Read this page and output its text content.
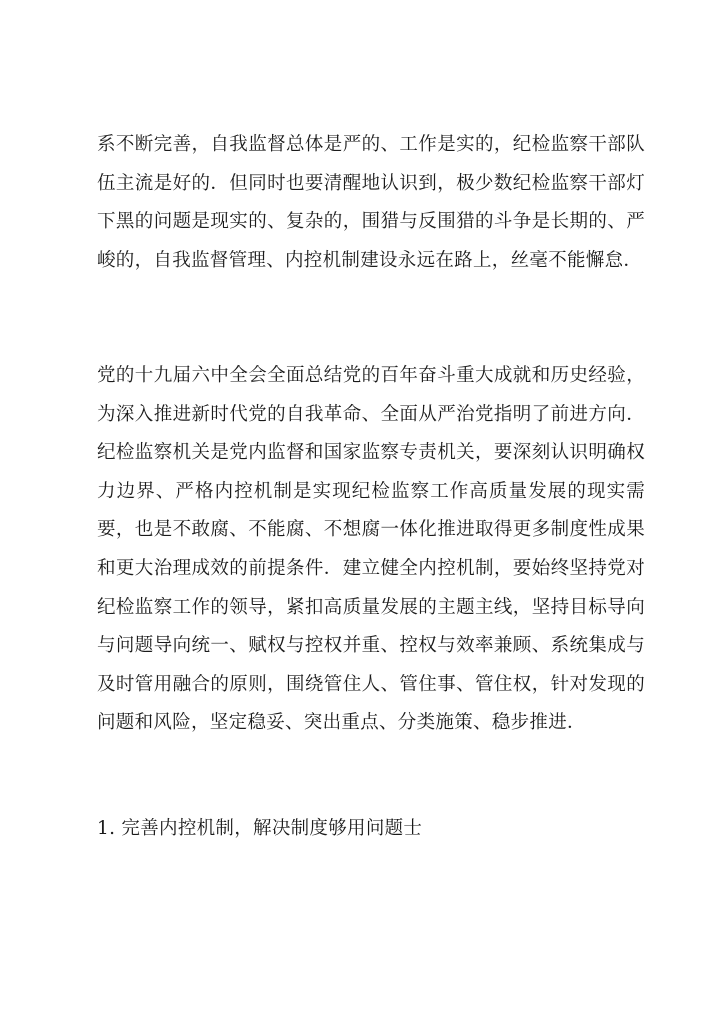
系不断完善，自我监督总体是严的、工作是实的，纪检监察干部队伍主流是好的．但同时也要清醒地认识到，极少数纪检监察干部灯下黑的问题是现实的、复杂的，围猎与反围猎的斗争是长期的、严峻的，自我监督管理、内控机制建设永远在路上，丝毫不能懈怠．

党的十九届六中全会全面总结党的百年奋斗重大成就和历史经验，为深入推进新时代党的自我革命、全面从严治党指明了前进方向．纪检监察机关是党内监督和国家监察专责机关，要深刻认识明确权力边界、严格内控机制是实现纪检监察工作高质量发展的现实需要，也是不敢腐、不能腐、不想腐一体化推进取得更多制度性成果和更大治理成效的前提条件．建立健全内控机制，要始终坚持党对纪检监察工作的领导，紧扣高质量发展的主题主线，坚持目标导向与问题导向统一、赋权与控权并重、控权与效率兼顾、系统集成与及时管用融合的原则，围绕管住人、管住事、管住权，针对发现的问题和风险，坚定稳妥、突出重点、分类施策、稳步推进．

1. 完善内控机制，解决制度够用问题士
